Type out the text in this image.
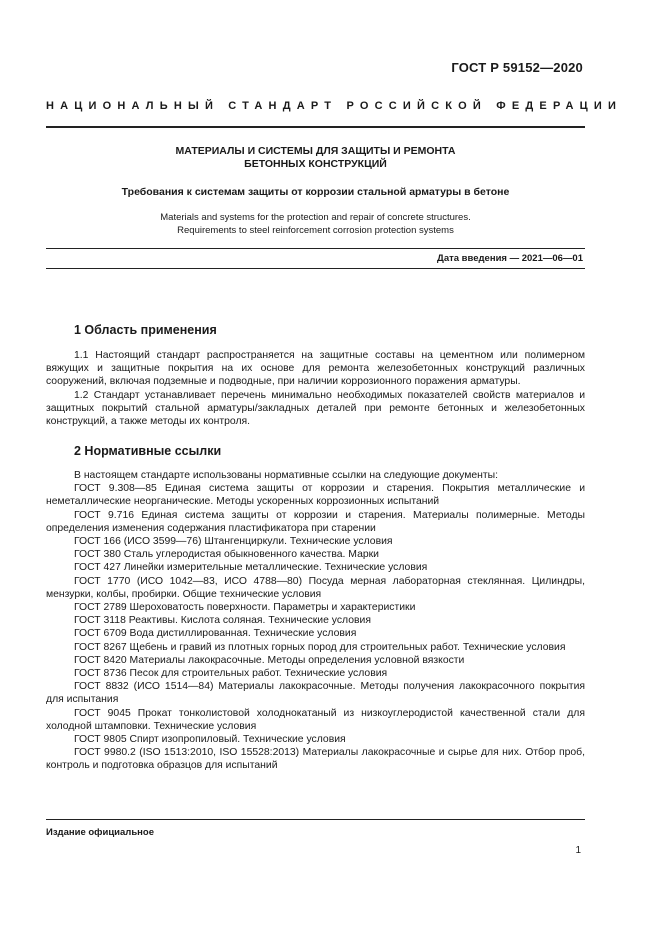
ГОСТ Р 59152—2020
НАЦИОНАЛЬНЫЙ СТАНДАРТ РОССИЙСКОЙ ФЕДЕРАЦИИ
МАТЕРИАЛЫ И СИСТЕМЫ ДЛЯ ЗАЩИТЫ И РЕМОНТА
БЕТОННЫХ КОНСТРУКЦИЙ
Требования к системам защиты от коррозии стальной арматуры в бетоне
Materials and systems for the protection and repair of concrete structures.
Requirements to steel reinforcement corrosion protection systems
Дата введения — 2021—06—01
1 Область применения

1.1 Настоящий стандарт распространяется на защитные составы на цементном или полимерном вяжущих и защитные покрытия на их основе для ремонта железобетонных конструкций различных сооружений, включая подземные и подводные, при наличии коррозионного поражения арматуры.

1.2 Стандарт устанавливает перечень минимально необходимых показателей свойств материалов и защитных покрытий стальной арматуры/закладных деталей при ремонте бетонных и железобетонных конструкций, а также методы их контроля.

2 Нормативные ссылки

В настоящем стандарте использованы нормативные ссылки на следующие документы:

ГОСТ 9.308—85 Единая система защиты от коррозии и старения. Покрытия металлические и неметаллические неорганические. Методы ускоренных коррозионных испытаний

ГОСТ 9.716 Единая система защиты от коррозии и старения. Материалы полимерные. Методы определения изменения содержания пластификатора при старении

ГОСТ 166 (ИСО 3599—76) Штангенциркули. Технические условия

ГОСТ 380 Сталь углеродистая обыкновенного качества. Марки

ГОСТ 427 Линейки измерительные металлические. Технические условия

ГОСТ 1770 (ИСО 1042—83, ИСО 4788—80) Посуда мерная лабораторная стеклянная. Цилиндры, мензурки, колбы, пробирки. Общие технические условия

ГОСТ 2789 Шероховатость поверхности. Параметры и характеристики

ГОСТ 3118 Реактивы. Кислота соляная. Технические условия

ГОСТ 6709 Вода дистиллированная. Технические условия

ГОСТ 8267 Щебень и гравий из плотных горных пород для строительных работ. Технические условия

ГОСТ 8420 Материалы лакокрасочные. Методы определения условной вязкости

ГОСТ 8736 Песок для строительных работ. Технические условия

ГОСТ 8832 (ИСО 1514—84) Материалы лакокрасочные. Методы получения лакокрасочного покрытия для испытания

ГОСТ 9045 Прокат тонколистовой холоднокатаный из низкоуглеродистой качественной стали для холодной штамповки. Технические условия

ГОСТ 9805 Спирт изопропиловый. Технические условия

ГОСТ 9980.2 (ISO 1513:2010, ISO 15528:2013) Материалы лакокрасочные и сырье для них. Отбор проб, контроль и подготовка образцов для испытаний

Издание официальное
1
